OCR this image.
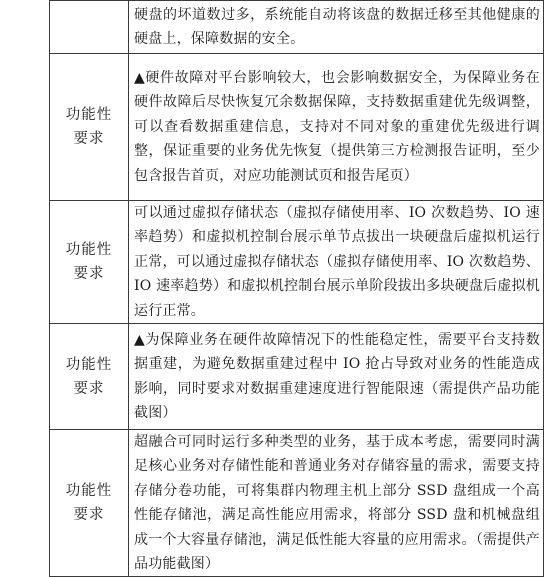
	硬盘的坏道数过多，系统能自动将该盘的数据迁移至其他健康的硬盘上，保障数据的安全。
功能性要求	▲硬件故障对平台影响较大，也会影响数据安全，为保障业务在硬件故障后尽快恢复冗余数据保障，支持数据重建优先级调整，可以查看数据重建信息，支持对不同对象的重建优先级进行调整，保证重要的业务优先恢复（提供第三方检测报告证明，至少包含报告首页，对应功能测试页和报告尾页）
功能性要求	可以通过虚拟存储状态（虚拟存储使用率、IO 次数趋势、IO 速率趋势）和虚拟机控制台展示单节点拔出一块硬盘后虚拟机运行正常，可以通过虚拟存储状态（虚拟存储使用率、IO 次数趋势、IO 速率趋势）和虚拟机控制台展示单阶段拔出多块硬盘后虚拟机运行正常。
功能性要求	▲为保障业务在硬件故障情况下的性能稳定性，需要平台支持数据重建，为避免数据重建过程中 IO 抢占导致对业务的性能造成影响，同时要求对数据重建速度进行智能限速（需提供产品功能截图）
功能性要求	超融合可同时运行多种类型的业务，基于成本考虑，需要同时满足核心业务对存储性能和普通业务对存储容量的需求，需要支持存储分卷功能，可将集群内物理主机上部分 SSD 盘组成一个高性能存储池，满足高性能应用需求，将部分 SSD 盘和机械盘组成一个大容量存储池，满足低性能大容量的应用需求。（需提供产品功能截图）
